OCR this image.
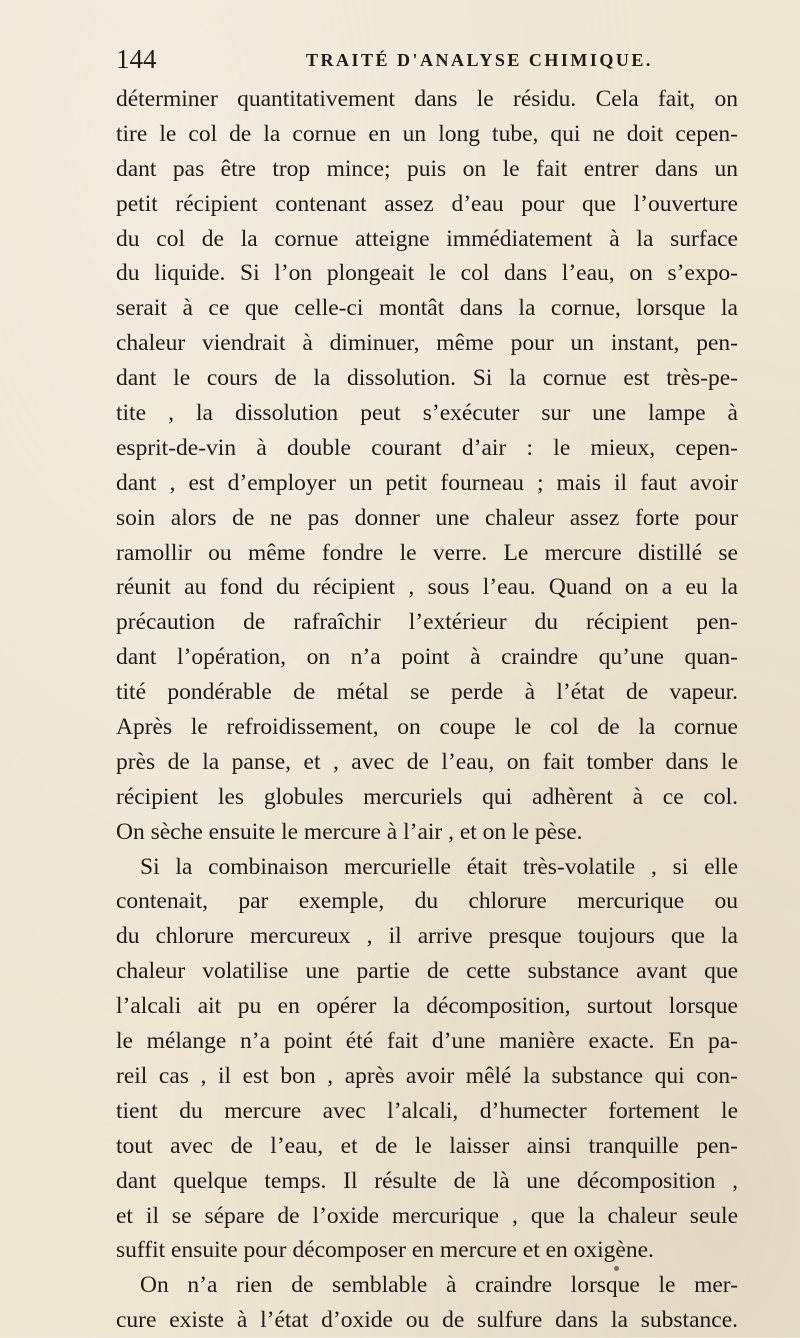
144	TRAITÉ D'ANALYSE CHIMIQUE.
déterminer quantitativement dans le résidu. Cela fait, on
tire le col de la cornue en un long tube, qui ne doit cepen-
dant pas être trop mince; puis on le fait entrer dans un
petit récipient contenant assez d’eau pour que l’ouverture
du col de la cornue atteigne immédiatement à la surface
du liquide. Si l’on plongeait le col dans l’eau, on s’expo-
serait à ce que celle-ci montât dans la cornue, lorsque la
chaleur viendrait à diminuer, même pour un instant, pen-
dant le cours de la dissolution. Si la cornue est très-pe-
tite , la dissolution peut s’exécuter sur une lampe à
esprit-de-vin à double courant d’air : le mieux, cepen-
dant , est d’employer un petit fourneau ; mais il faut avoir
soin alors de ne pas donner une chaleur assez forte pour
ramollir ou même fondre le verre. Le mercure distillé se
réunit au fond du récipient , sous l’eau. Quand on a eu la
précaution de rafraîchir l’extérieur du récipient pen-
dant l’opération, on n’a point à craindre qu’une quan-
tité pondérable de métal se perde à l’état de vapeur.
Après le refroidissement, on coupe le col de la cornue
près de la panse, et , avec de l’eau, on fait tomber dans le
récipient les globules mercuriels qui adhèrent à ce col.
On sèche ensuite le mercure à l’air , et on le pèse.
Si la combinaison mercurielle était très-volatile , si elle
contenait, par exemple, du chlorure mercurique ou
du chlorure mercureux , il arrive presque toujours que la
chaleur volatilise une partie de cette substance avant que
l’alcali ait pu en opérer la décomposition, surtout lorsque
le mélange n’a point été fait d’une manière exacte. En pa-
reil cas , il est bon , après avoir mêlé la substance qui con-
tient du mercure avec l’alcali, d’humecter fortement le
tout avec de l’eau, et de le laisser ainsi tranquille pen-
dant quelque temps. Il résulte de là une décomposition ,
et il se sépare de l’oxide mercurique , que la chaleur seule
suffit ensuite pour décomposer en mercure et en oxigène.
On n’a rien de semblable à craindre lorsque le mer-
cure existe à l’état d’oxide ou de sulfure dans la substance.
